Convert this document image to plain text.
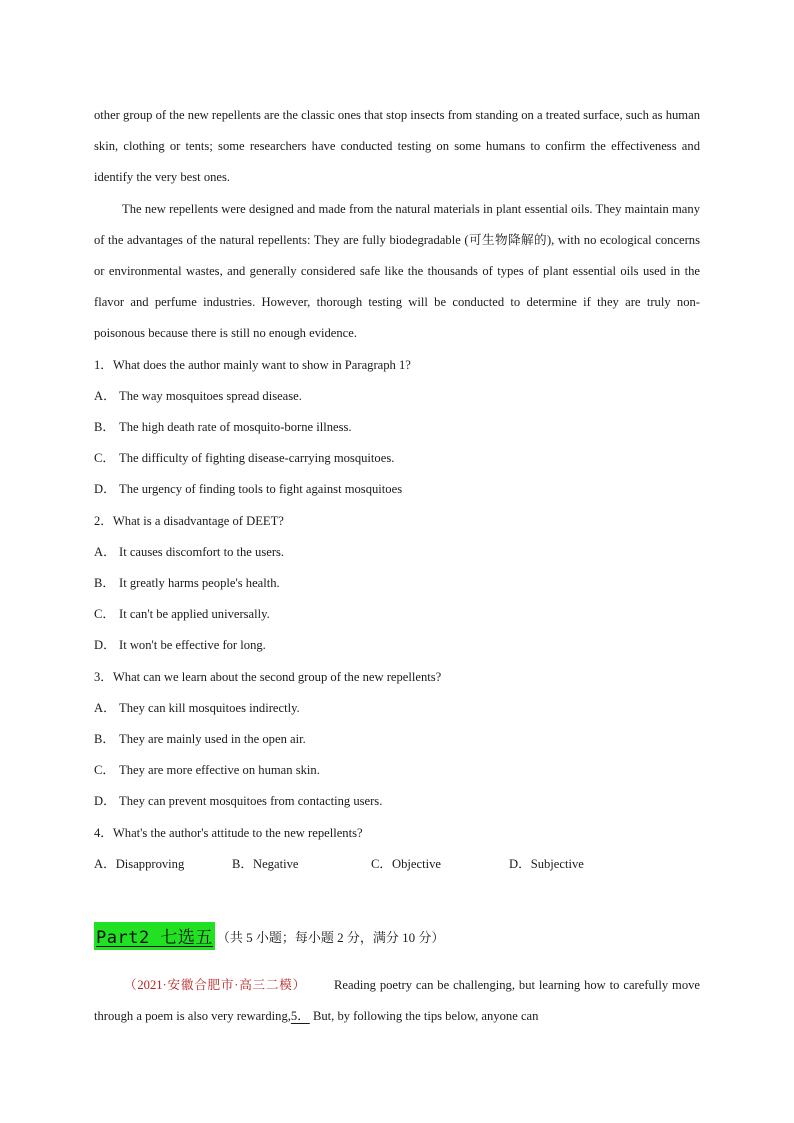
other group of the new repellents are the classic ones that stop insects from standing on a treated surface, such as human skin, clothing or tents; some researchers have conducted testing on some humans to confirm the effectiveness and identify the very best ones.

The new repellents were designed and made from the natural materials in plant essential oils. They maintain many of the advantages of the natural repellents: They are fully biodegradable (可生物降解的), with no ecological concerns or environmental wastes, and generally considered safe like the thousands of types of plant essential oils used in the flavor and perfume industries. However, thorough testing will be conducted to determine if they are truly non-poisonous because there is still no enough evidence.

1．What does the author mainly want to show in Paragraph 1?

A． The way mosquitoes spread disease.

B． The high death rate of mosquito-borne illness.

C． The difficulty of fighting disease-carrying mosquitoes.

D． The urgency of finding tools to fight against mosquitoes

2．What is a disadvantage of DEET?

A． It causes discomfort to the users.

B． It greatly harms people's health.

C． It can't be applied universally.

D． It won't be effective for long.

3．What can we learn about the second group of the new repellents?

A． They can kill mosquitoes indirectly.

B． They are mainly used in the open air.

C． They are more effective on human skin.

D． They can prevent mosquitoes from contacting users.

4．What's the author's attitude to the new repellents?

A．Disapproving	B．Negative	C．Objective	D．Subjective
Part2 七选五 （共 5 小题；每小题 2 分，满分 10 分）

（2021·安徽合肥市·高三二模） Reading poetry can be challenging, but learning how to carefully move through a poem is also very rewarding,5． But, by following the tips below, anyone can
